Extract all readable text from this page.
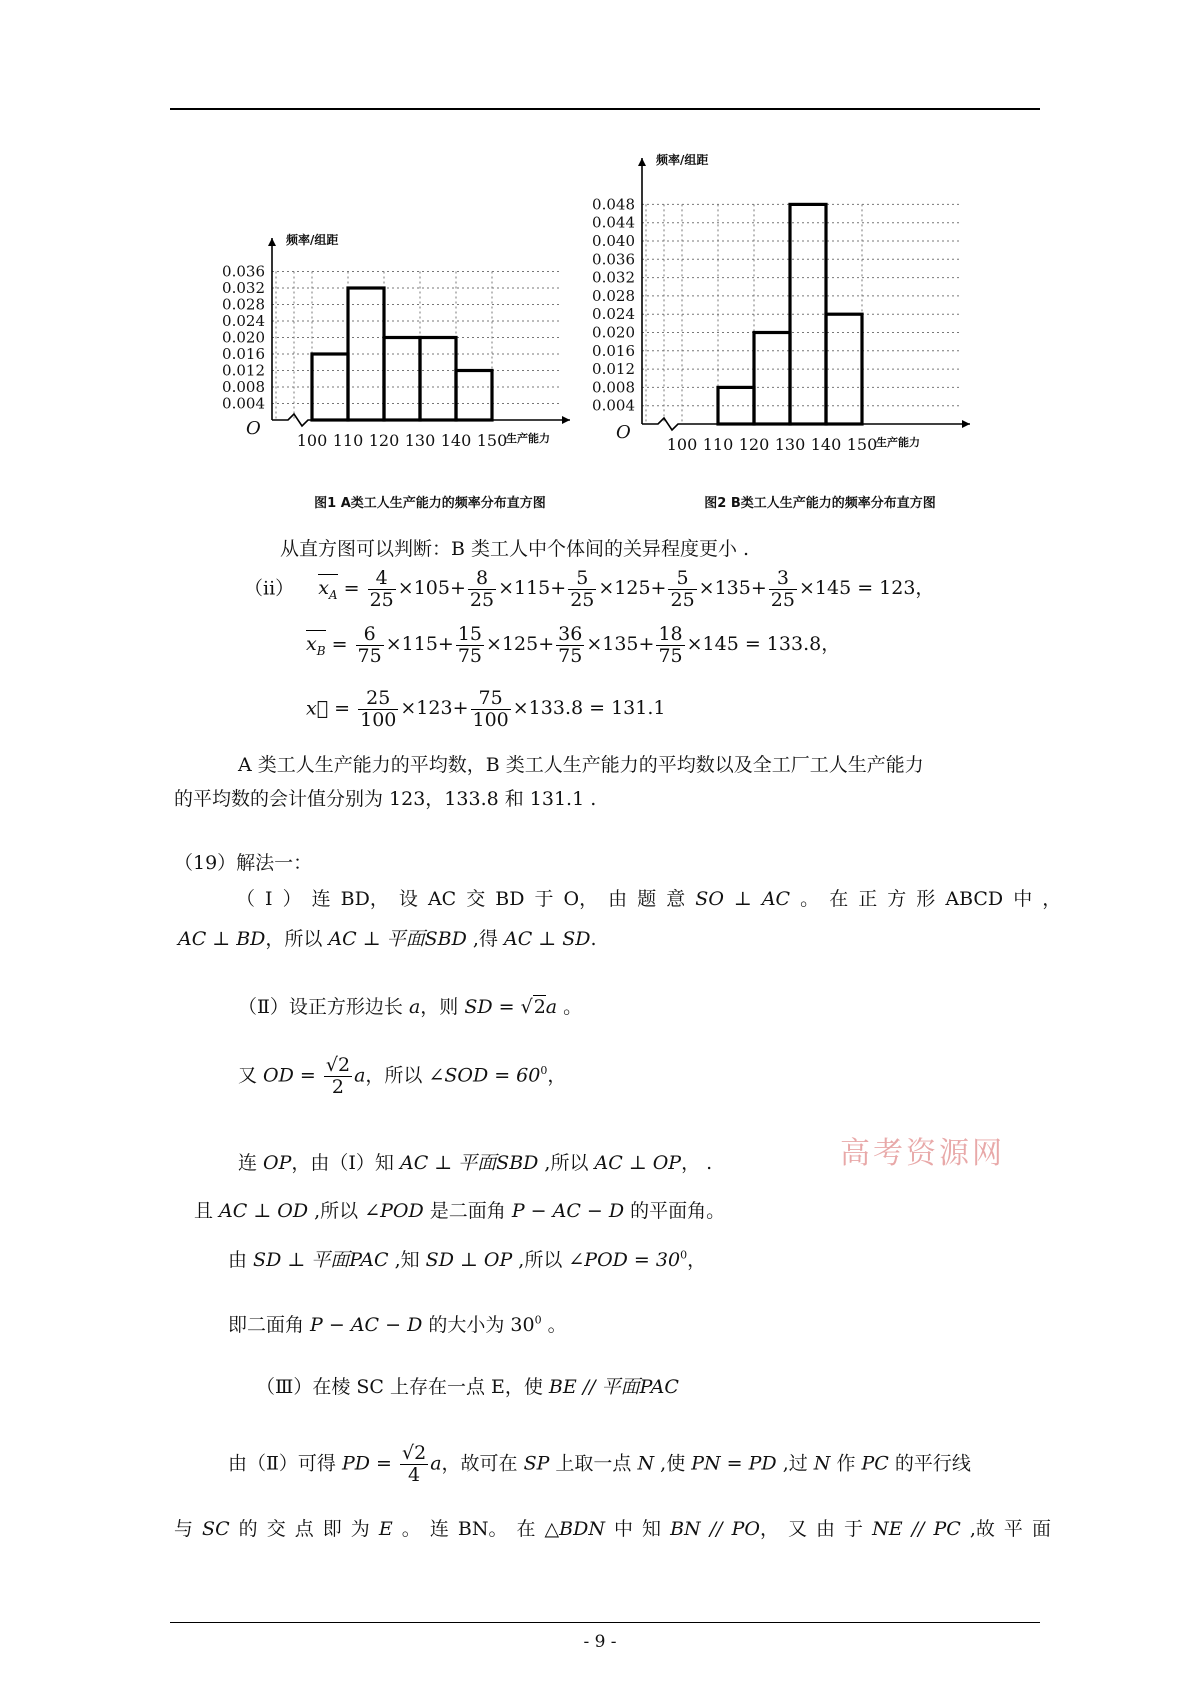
0.004
0.008
0.012
0.016
0.020
0.024
0.028
0.032
0.036
频率/组距
O
100 110 120 130 140 150
生产能力
图1 A类工人生产能力的频率分布直方图
0.004
0.008
0.012
0.016
0.020
0.024
0.028
0.032
0.036
0.040
0.044
0.048
频率/组距
O
100 110 120 130 140 150
生产能力
图2 B类工人生产能力的频率分布直方图
从直方图可以判断：B 类工人中个体间的关异程度更小 .
（ii） $x_A = \frac{4}{25} \times 105+ \frac{8}{25} \times 115+ \frac{5}{25} \times 125+ \frac{5}{25} \times 135+ \frac{3}{25} \times 145 = 123$，
$x_B = \frac{6}{75} \times 115+ \frac{15}{75} \times 125+ \frac{36}{75} \times 135+ \frac{18}{75} \times 145 = 133.8$，
x⃗ = $\frac{25}{100} \times 123+ \frac{75}{100} \times 133.8 = 131.1$
A 类工人生产能力的平均数，B 类工人生产能力的平均数以及全工厂工人生产能力
的平均数的会计值分别为 123，133.8 和 131.1 .
（19）解法一：
（ Ⅰ ） 连 BD， 设 AC 交 BD 于 O， 由 题 意 SO ⊥ AC 。 在 正 方 形 ABCD 中 ，
AC ⊥ BD，所以 AC ⊥ 平面SBD ,得 AC ⊥ SD.
（Ⅱ）设正方形边长 a，则 SD = √2a 。
又 OD = $\frac{√2}{2}$ a，所以 ∠SOD = $60^0$，
连 OP，由（Ⅰ）知 AC ⊥ 平面SBD ,所以 AC ⊥ OP， .	高考资源网
且 AC ⊥ OD ,所以 ∠POD 是二面角 P − AC − D 的平面角。
由 SD ⊥ 平面PAC ,知 SD ⊥ OP ,所以 ∠POD = $30^0$，
即二面角 P − AC − D 的大小为 $30^0$ 。
（Ⅲ）在棱 SC 上存在一点 E，使 BE // 平面PAC
由（Ⅱ）可得 PD = $\frac{√2}{4}$ a，故可在 SP 上取一点 N ,使 PN = PD ,过 N 作 PC 的平行线
与 SC 的 交 点 即 为 E 。 连 BN。 在 △BDN 中 知 BN // PO， 又 由 于 NE // PC ,故 平 面
- 9 -
